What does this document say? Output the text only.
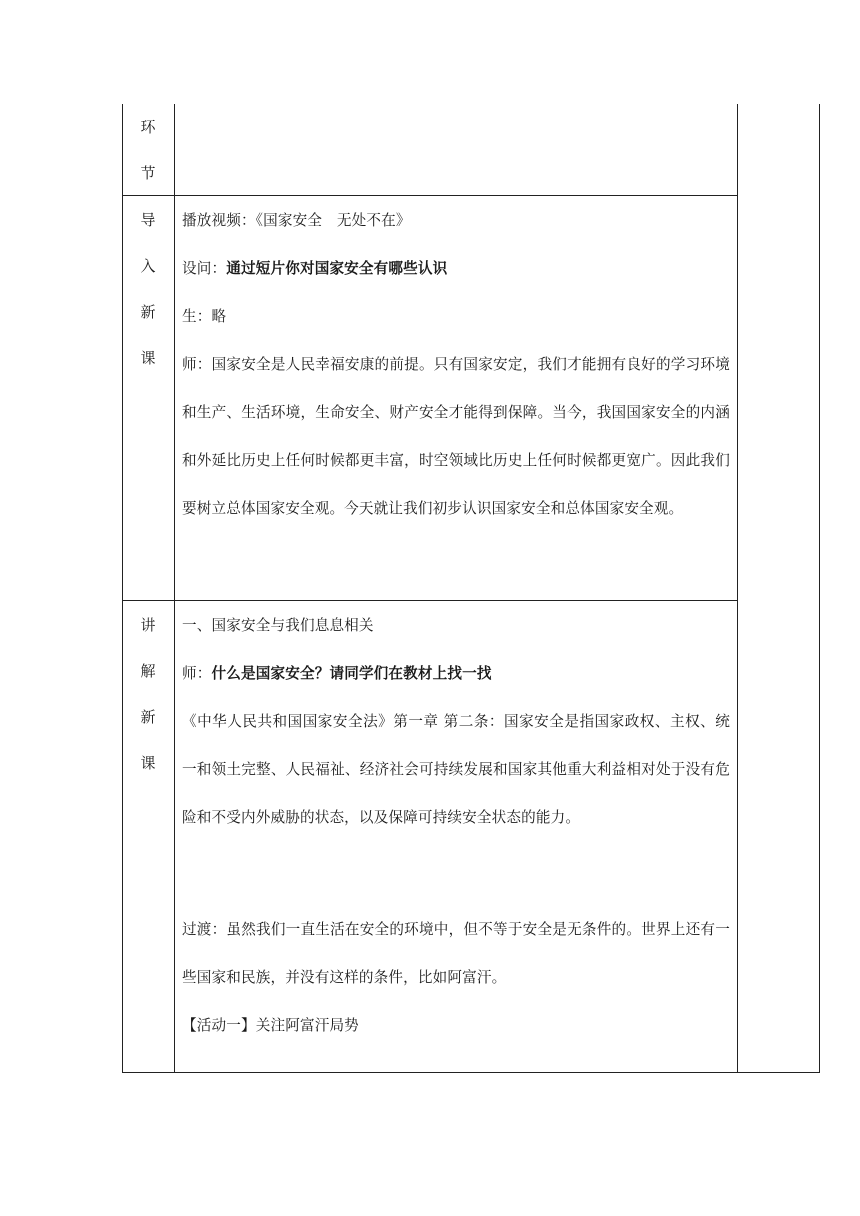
环
节
导
入
新
课

播放视频：《国家安全　无处不在》

设问：通过短片你对国家安全有哪些认识

生：略

师：国家安全是人民幸福安康的前提。只有国家安定，我们才能拥有良好的学习环境和生产、生活环境，生命安全、财产安全才能得到保障。当今，我国国家安全的内涵和外延比历史上任何时候都更丰富，时空领域比历史上任何时候都更宽广。因此我们要树立总体国家安全观。今天就让我们初步认识国家安全和总体国家安全观。

讲
解
新
课

一、国家安全与我们息息相关

师：什么是国家安全？请同学们在教材上找一找

《中华人民共和国国家安全法》第一章 第二条：国家安全是指国家政权、主权、统一和领土完整、人民福祉、经济社会可持续发展和国家其他重大利益相对处于没有危险和不受内外威胁的状态，以及保障可持续安全状态的能力。

过渡：虽然我们一直生活在安全的环境中，但不等于安全是无条件的。世界上还有一些国家和民族，并没有这样的条件，比如阿富汗。

【活动一】关注阿富汗局势
